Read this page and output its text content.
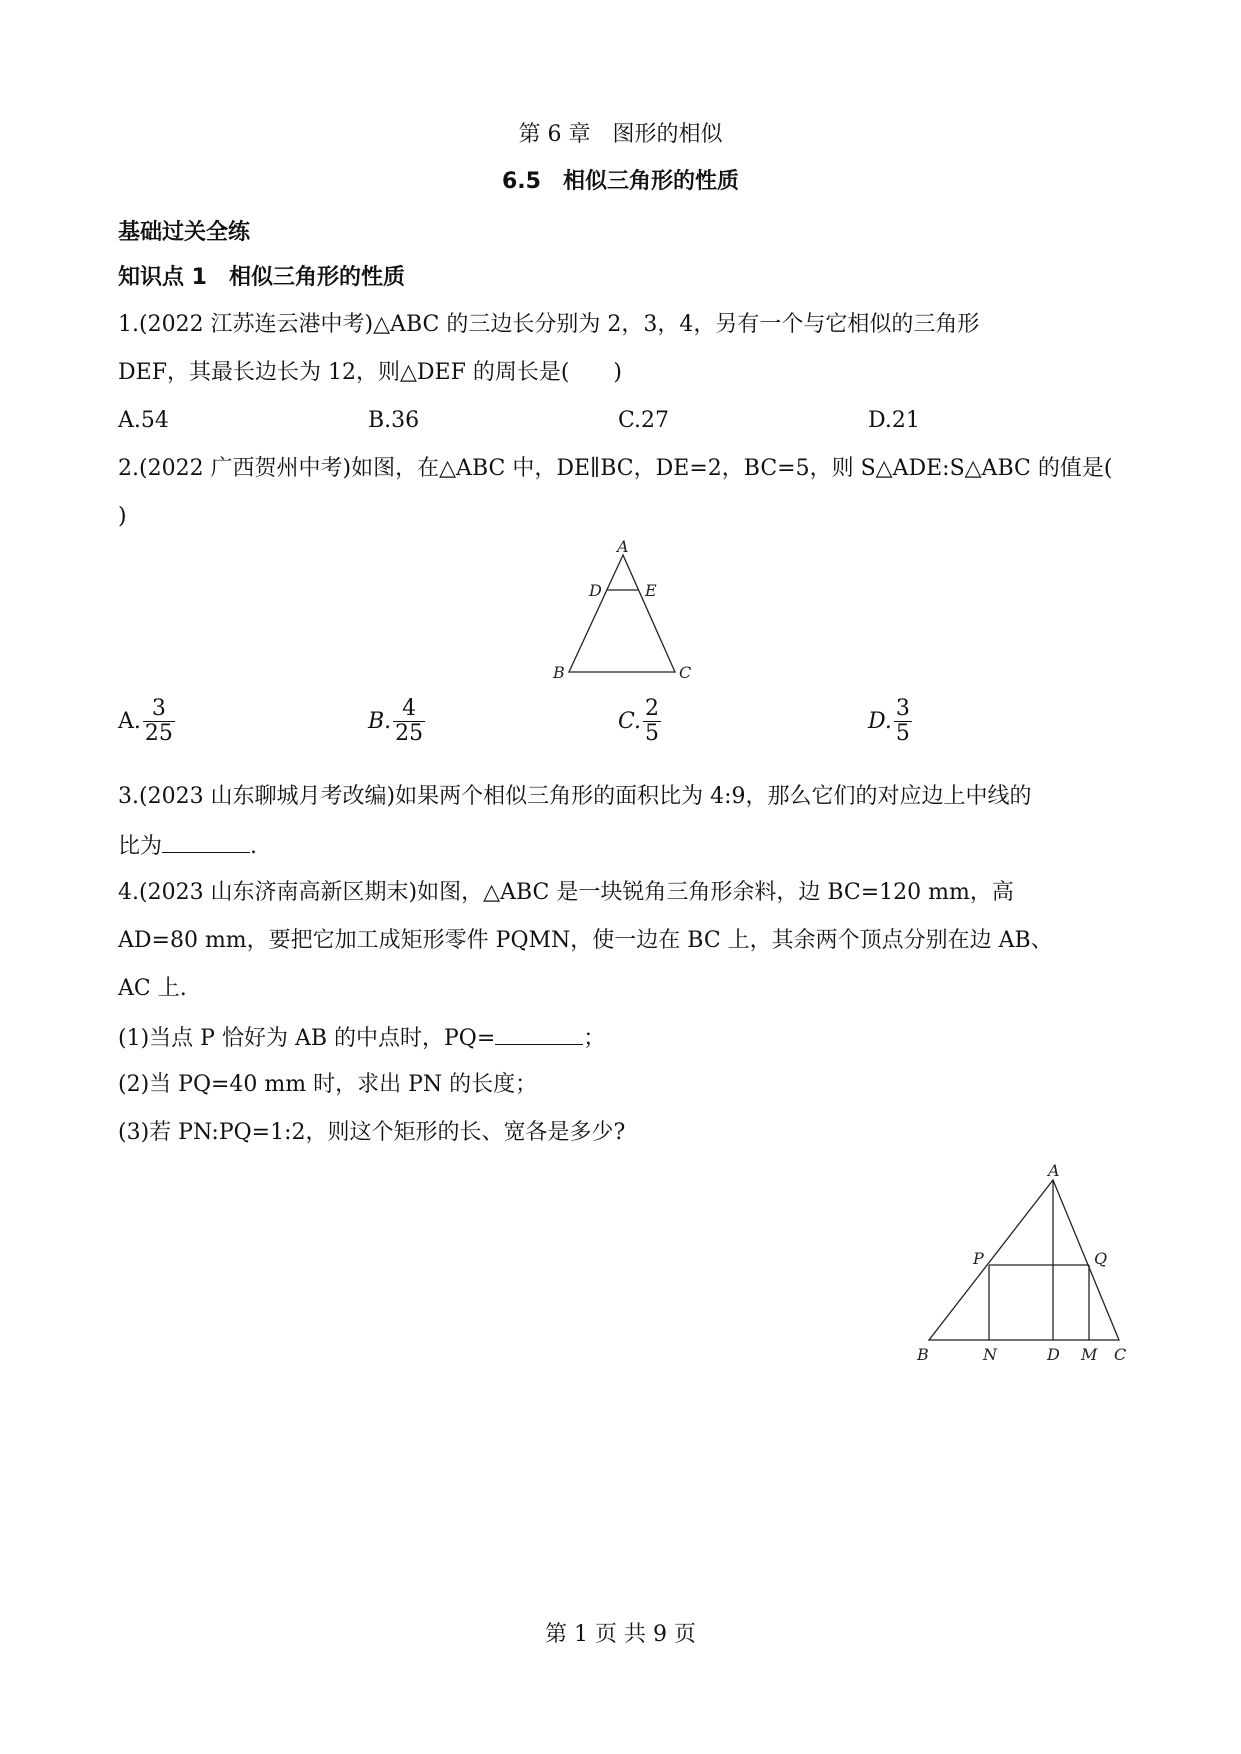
第 6 章　图形的相似
6.5　相似三角形的性质
基础过关全练
知识点 1　相似三角形的性质
1.(2022 江苏连云港中考)△ABC 的三边长分别为 2，3，4，另有一个与它相似的三角形
DEF，其最长边长为 12，则△DEF 的周长是(　　)
A.54	B.36	C.27	D.21
2.(2022 广西贺州中考)如图，在△ABC 中，DE∥BC，DE=2，BC=5，则 S△ADE:S△ABC 的值是(
)
A
D	E
B	C
A. $\frac{3}{25}$	B. $\frac{4}{25}$	C. $\frac{2}{5}$	D. $\frac{3}{5}$
3.(2023 山东聊城月考改编)如果两个相似三角形的面积比为 4:9，那么它们的对应边上中线的
比为	.
4.(2023 山东济南高新区期末)如图，△ABC 是一块锐角三角形余料，边 BC=120 mm，高
AD=80 mm，要把它加工成矩形零件 PQMN，使一边在 BC 上，其余两个顶点分别在边 AB、
AC 上.
(1)当点 P 恰好为 AB 的中点时，PQ=	；
(2)当 PQ=40 mm 时，求出 PN 的长度；
(3)若 PN:PQ=1:2，则这个矩形的长、宽各是多少?
A
P	Q
B	N	D M C
第 1 页 共 9 页
